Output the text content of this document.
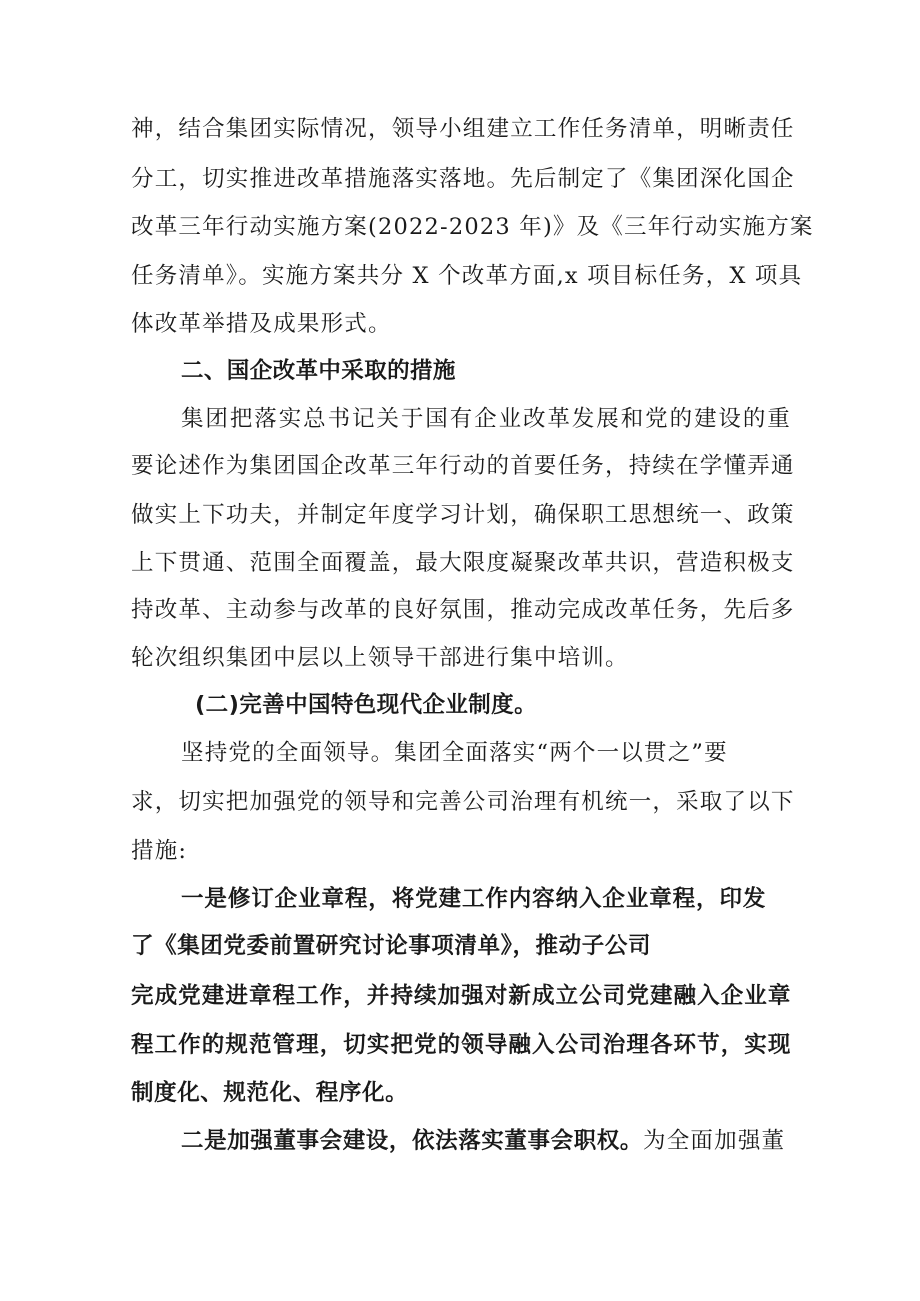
神，结合集团实际情况，领导小组建立工作任务清单，明晰责任
分工，切实推进改革措施落实落地。先后制定了《集团深化国企
改革三年行动实施方案(2022-2023 年)》及《三年行动实施方案
任务清单》。实施方案共分 X 个改革方面,x 项目标任务，X 项具
体改革举措及成果形式。
二、国企改革中采取的措施
集团把落实总书记关于国有企业改革发展和党的建设的重
要论述作为集团国企改革三年行动的首要任务，持续在学懂弄通
做实上下功夫，并制定年度学习计划，确保职工思想统一、政策
上下贯通、范围全面覆盖，最大限度凝聚改革共识，营造积极支
持改革、主动参与改革的良好氛围，推动完成改革任务，先后多
轮次组织集团中层以上领导干部进行集中培训。
(二)完善中国特色现代企业制度。
坚持党的全面领导。集团全面落实“两个一以贯之”要
求，切实把加强党的领导和完善公司治理有机统一，采取了以下
措施:
一是修订企业章程，将党建工作内容纳入企业章程，印发
了《集团党委前置研究讨论事项清单》，推动子公司
完成党建进章程工作，并持续加强对新成立公司党建融入企业章
程工作的规范管理，切实把党的领导融入公司治理各环节，实现
制度化、规范化、程序化。
二是加强董事会建设，依法落实董事会职权。为全面加强董
